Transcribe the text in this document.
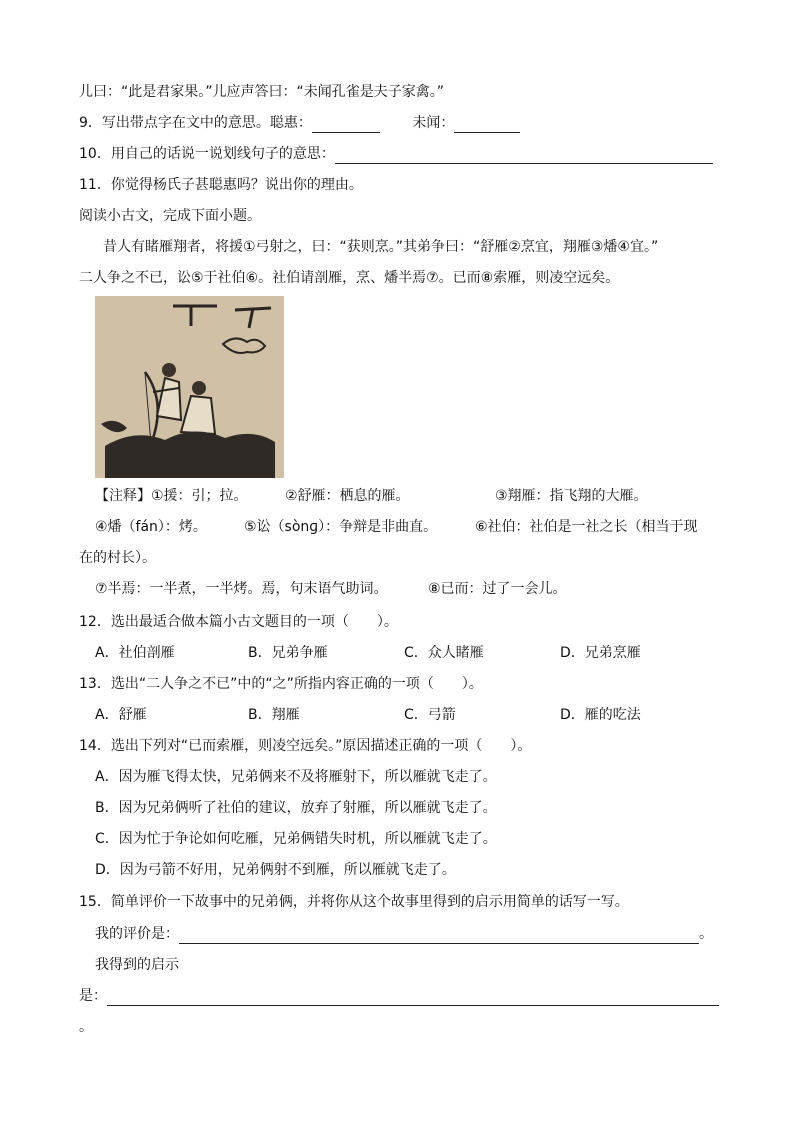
儿曰：“此是君家果。”儿应声答曰：“未闻孔雀是夫子家禽。”
9．写出带点字在文中的意思。聪惠：	未闻：
10．用自己的话说一说划线句子的意思：
11．你觉得杨氏子甚聪惠吗？说出你的理由。
阅读小古文，完成下面小题。
昔人有睹雁翔者，将援①弓射之，曰：“获则烹。”其弟争曰：“舒雁②烹宜，翔雁③燔④宜。”
二人争之不已，讼⑤于社伯⑥。社伯请剖雁，烹、燔半焉⑦。已而⑧索雁，则凌空远矣。
【注释】①援：引；拉。	②舒雁：栖息的雁。	③翔雁：指飞翔的大雁。
④燔（fán）：烤。	⑤讼（sònɡ）：争辩是非曲直。	⑥社伯：社伯是一社之长（相当于现
在的村长）。
⑦半焉：一半煮，一半烤。焉，句末语气助词。	⑧已而：过了一会儿。
12．选出最适合做本篇小古文题目的一项（　　）。
A．社伯剖雁	B．兄弟争雁	C．众人睹雁	D．兄弟烹雁
13．选出“二人争之不已”中的“之”所指内容正确的一项（　　）。
A．舒雁	B．翔雁	C．弓箭	D．雁的吃法
14．选出下列对“已而索雁，则凌空远矣。”原因描述正确的一项（　　）。
A．因为雁飞得太快，兄弟俩来不及将雁射下，所以雁就飞走了。
B．因为兄弟俩听了社伯的建议，放弃了射雁，所以雁就飞走了。
C．因为忙于争论如何吃雁，兄弟俩错失时机，所以雁就飞走了。
D．因为弓箭不好用，兄弟俩射不到雁，所以雁就飞走了。
15．简单评价一下故事中的兄弟俩，并将你从这个故事里得到的启示用简单的话写一写。
我的评价是：	。
我得到的启示
是：
。
